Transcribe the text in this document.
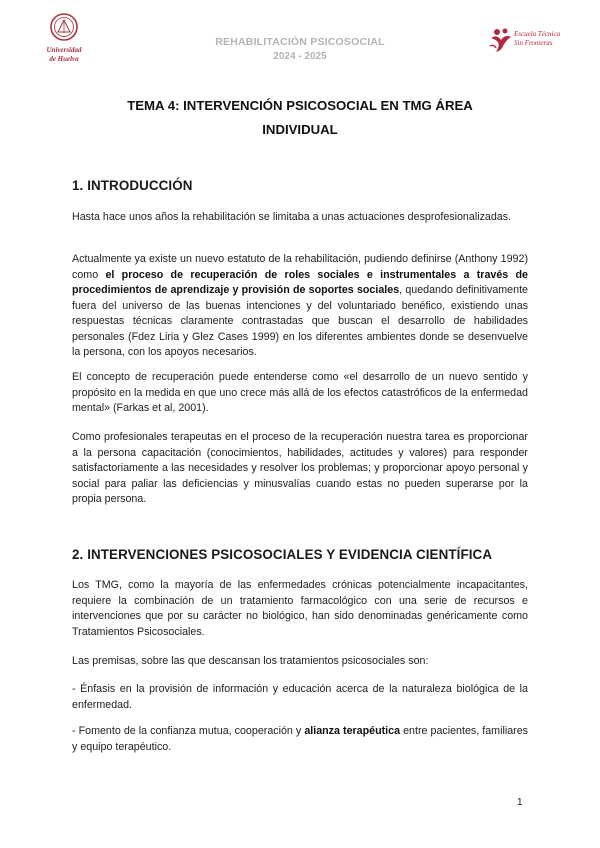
Universidad
de Huelva
REHABILITACIÓN PSICOSOCIAL
2024 - 2025
Escuela Técnica
Sin Fronteras
TEMA 4: INTERVENCIÓN PSICOSOCIAL EN TMG ÁREA
INDIVIDUAL
1. INTRODUCCIÓN
Hasta hace unos años la rehabilitación se limitaba a unas actuaciones desprofesionalizadas.
Actualmente ya existe un nuevo estatuto de la rehabilitación, pudiendo definirse (Anthony 1992) como el proceso de recuperación de roles sociales e instrumentales a través de procedimientos de aprendizaje y provisión de soportes sociales, quedando definitivamente fuera del universo de las buenas intenciones y del voluntariado benéfico, existiendo unas respuestas técnicas claramente contrastadas que buscan el desarrollo de habilidades personales (Fdez Liria y Glez Cases 1999) en los diferentes ambientes donde se desenvuelve la persona, con los apoyos necesarios.
El concepto de recuperación puede entenderse como «el desarrollo de un nuevo sentido y propósito en la medida en que uno crece más allá de los efectos catastróficos de la enfermedad mental» (Farkas et al, 2001).
Como profesionales terapeutas en el proceso de la recuperación nuestra tarea es proporcionar a la persona capacitación (conocimientos, habilidades, actitudes y valores) para responder satisfactoriamente a las necesidades y resolver los problemas; y proporcionar apoyo personal y social para paliar las deficiencias y minusvalías cuando estas no pueden superarse por la propia persona.
2. INTERVENCIONES PSICOSOCIALES Y EVIDENCIA CIENTÍFICA
Los TMG, como la mayoría de las enfermedades crónicas potencialmente incapacitantes, requiere la combinación de un tratamiento farmacológico con una serie de recursos e intervenciones que por su carácter no biológico, han sido denominadas genéricamente como Tratamientos Psicosociales.
Las premisas, sobre las que descansan los tratamientos psicosociales son:
- Énfasis en la provisión de información y educación acerca de la naturaleza biológica de la enfermedad.
- Fomento de la confianza mutua, cooperación y alianza terapéutica entre pacientes, familiares y equipo terapéutico.
1
